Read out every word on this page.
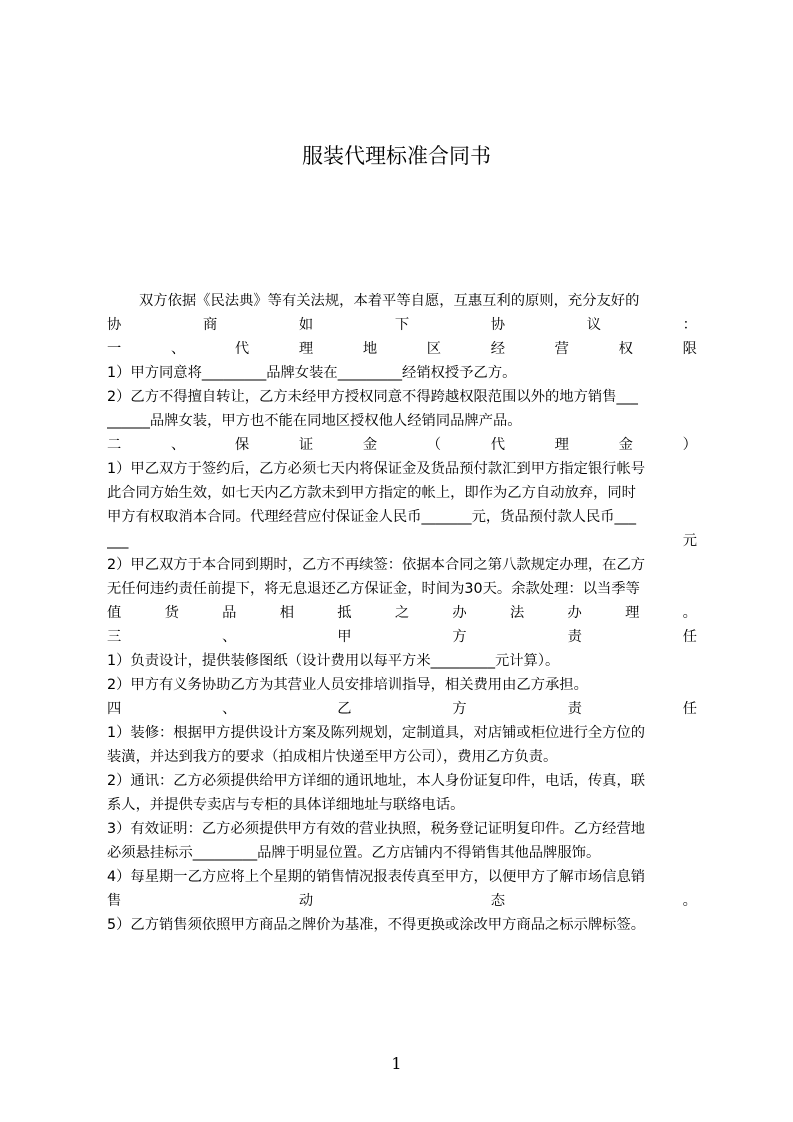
服装代理标准合同书
双方依据《民法典》等有关法规，本着平等自愿，互惠互利的原则，充分友好的
协	商	如	下	协	议	：
一	、	代	理	地	区	经	营	权	限
1）甲方同意将_________品牌女装在_________经销权授予乙方。
2）乙方不得擅自转让，乙方未经甲方授权同意不得跨越权限范围以外的地方销售___
______品牌女装，甲方也不能在同地区授权他人经销同品牌产品。
二	、	保	证	金	（	代	理	金	）
1）甲乙双方于签约后，乙方必须七天内将保证金及货品预付款汇到甲方指定银行帐号
此合同方始生效，如七天内乙方款未到甲方指定的帐上，即作为乙方自动放弃，同时
甲方有权取消本合同。代理经营应付保证金人民币_______元，货品预付款人民币___
___	元
2）甲乙双方于本合同到期时，乙方不再续签：依据本合同之第八款规定办理，在乙方
无任何违约责任前提下，将无息退还乙方保证金，时间为30天。余款处理：以当季等
值	货	品	相	抵	之	办	法	办	理	。
三	、	甲	方	责	任
1）负责设计，提供装修图纸（设计费用以每平方米_________元计算）。
2）甲方有义务协助乙方为其营业人员安排培训指导，相关费用由乙方承担。
四	、	乙	方	责	任
1）装修：根据甲方提供设计方案及陈列规划，定制道具，对店铺或柜位进行全方位的
装潢，并达到我方的要求（拍成相片快递至甲方公司），费用乙方负责。
2）通讯：乙方必须提供给甲方详细的通讯地址，本人身份证复印件，电话，传真，联
系人，并提供专卖店与专柜的具体详细地址与联络电话。
3）有效证明：乙方必须提供甲方有效的营业执照，税务登记证明复印件。乙方经营地
必须悬挂标示_________品牌于明显位置。乙方店铺内不得销售其他品牌服饰。
4）每星期一乙方应将上个星期的销售情况报表传真至甲方，以便甲方了解市场信息销
售	动	态	。
5）乙方销售须依照甲方商品之牌价为基准，不得更换或涂改甲方商品之标示牌标签。
1
